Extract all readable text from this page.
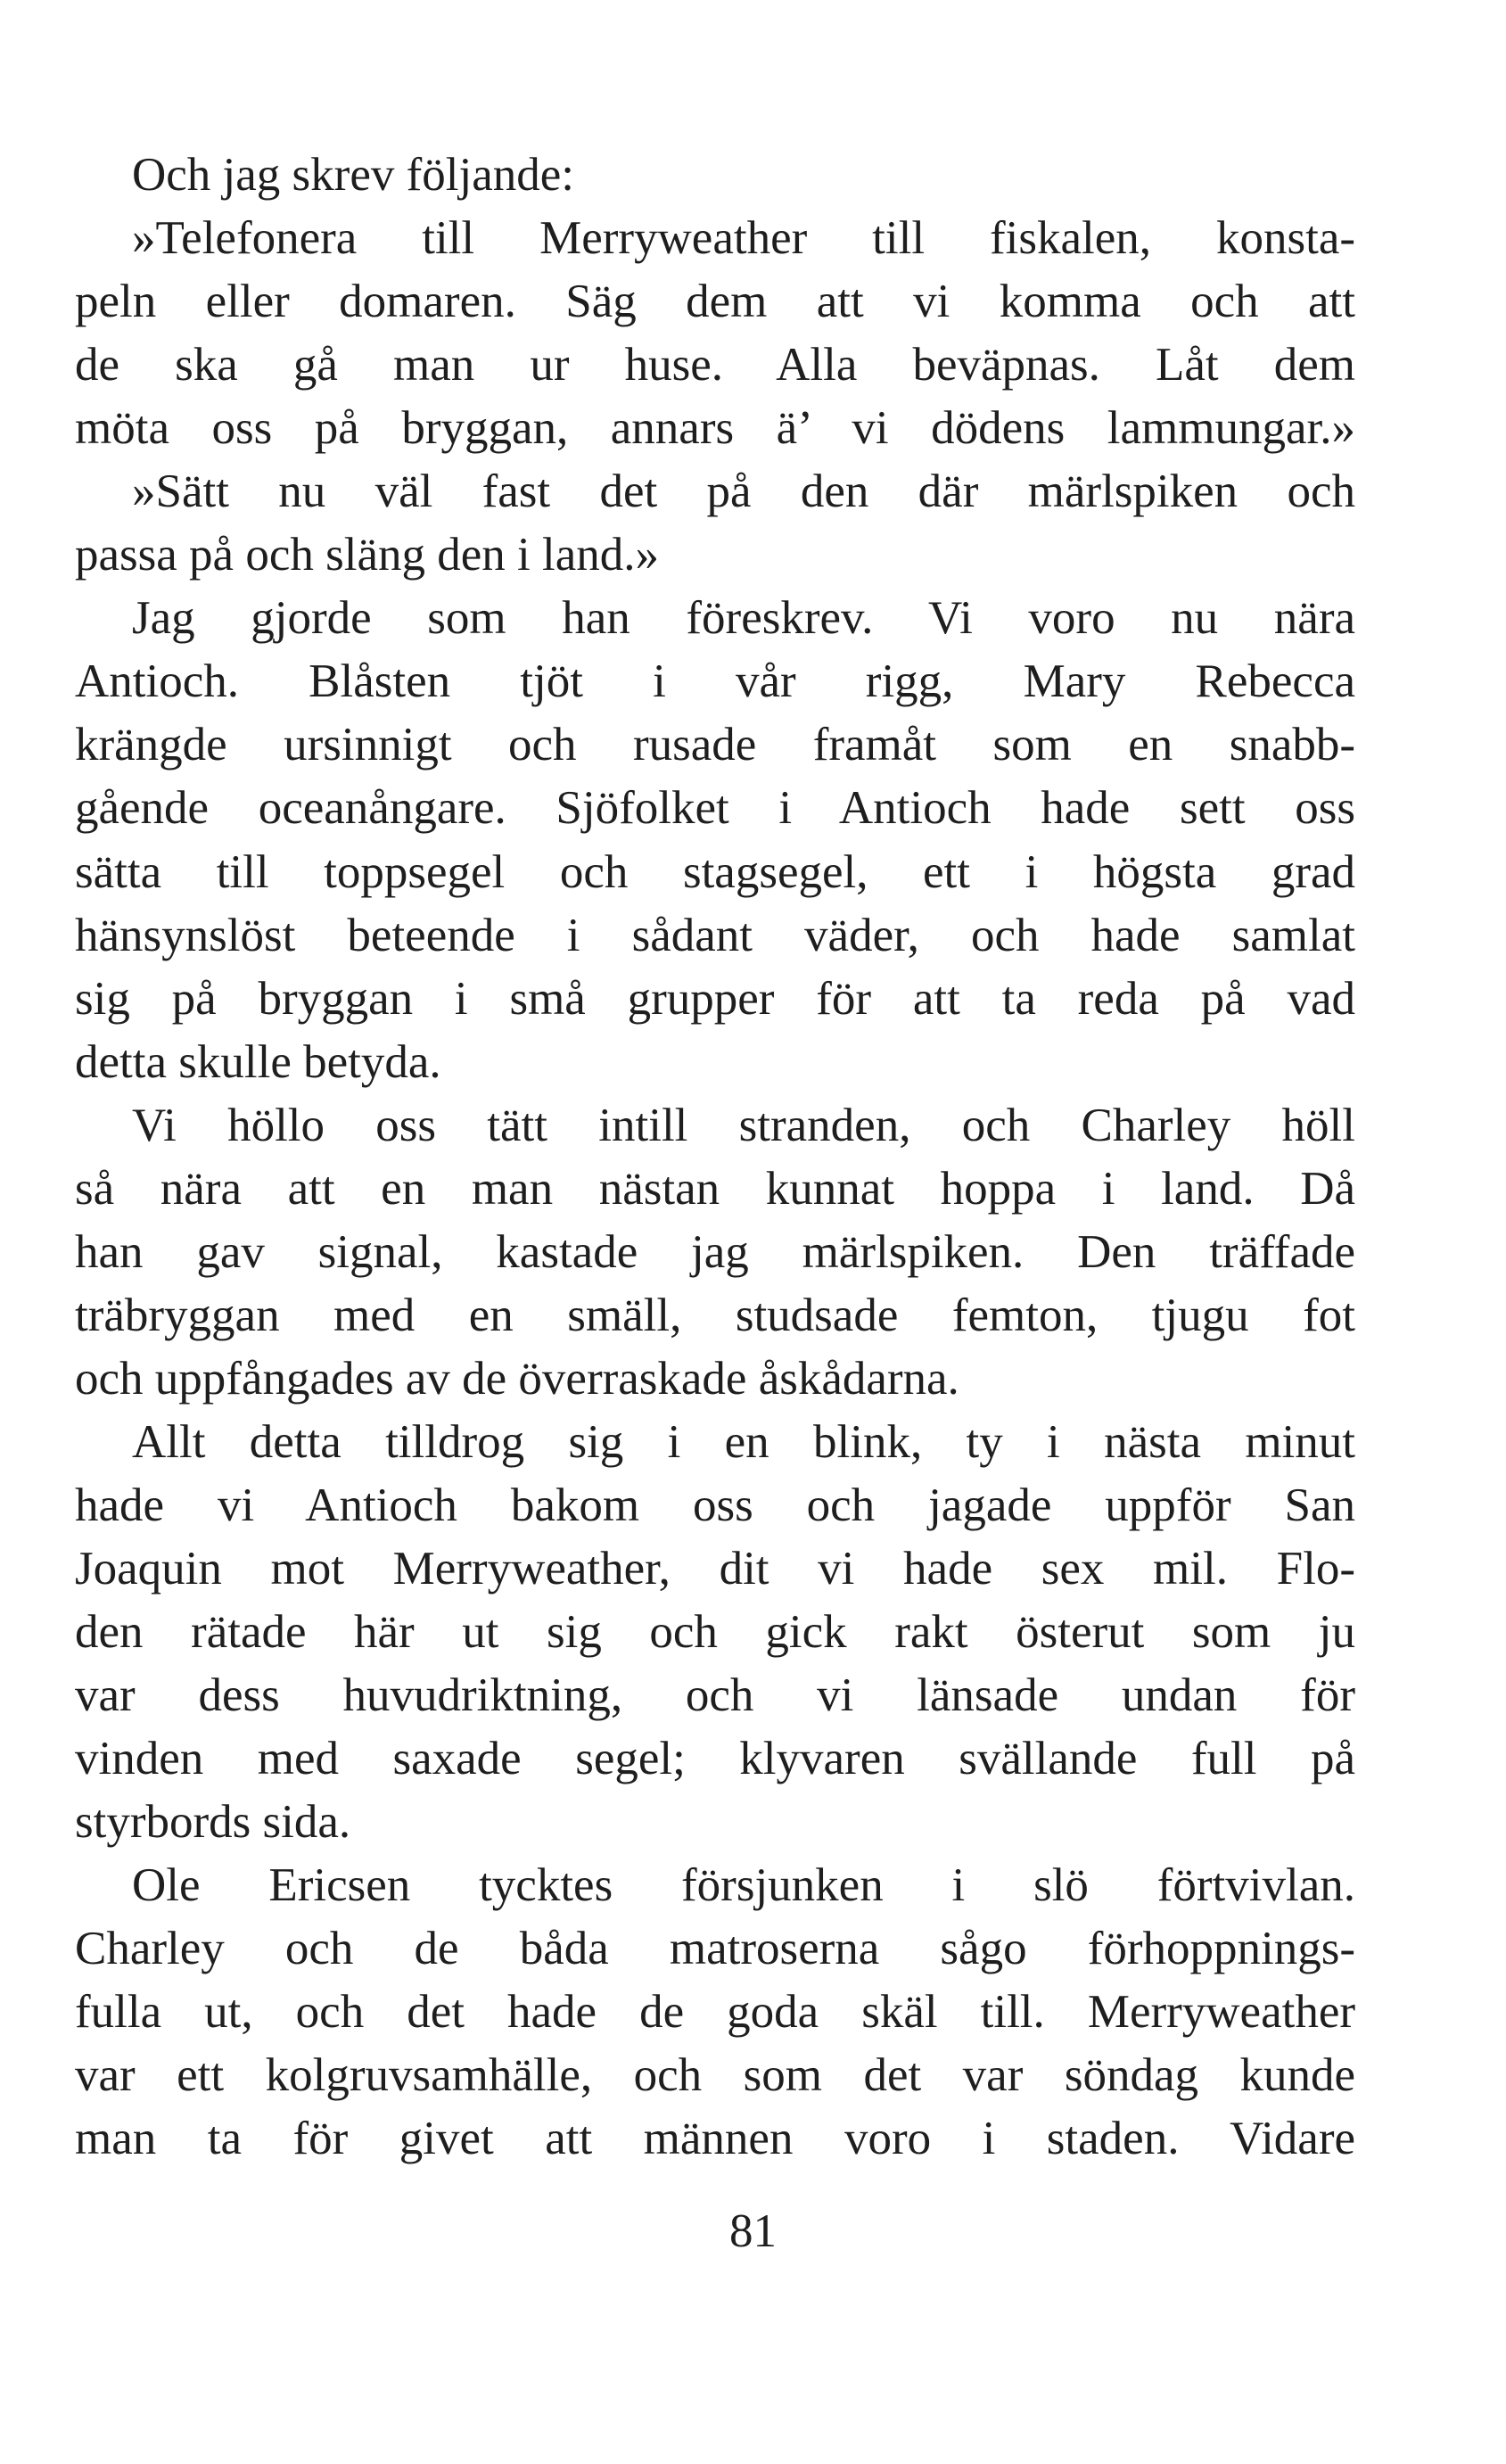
Och jag skrev följande:
»Telefonera till Merryweather till fiskalen, konsta-
peln eller domaren. Säg dem att vi komma och att
de ska gå man ur huse. Alla beväpnas. Låt dem
möta oss på bryggan, annars ä’ vi dödens lammungar.»
»Sätt nu väl fast det på den där märlspiken och
passa på och släng den i land.»
Jag gjorde som han föreskrev. Vi voro nu nära
Antioch. Blåsten tjöt i vår rigg, Mary Rebecca
krängde ursinnigt och rusade framåt som en snabb-
gående oceanångare. Sjöfolket i Antioch hade sett oss
sätta till toppsegel och stagsegel, ett i högsta grad
hänsynslöst beteende i sådant väder, och hade samlat
sig på bryggan i små grupper för att ta reda på vad
detta skulle betyda.
Vi höllo oss tätt intill stranden, och Charley höll
så nära att en man nästan kunnat hoppa i land. Då
han gav signal, kastade jag märlspiken. Den träffade
träbryggan med en smäll, studsade femton, tjugu fot
och uppfångades av de överraskade åskådarna.
Allt detta tilldrog sig i en blink, ty i nästa minut
hade vi Antioch bakom oss och jagade uppför San
Joaquin mot Merryweather, dit vi hade sex mil. Flo-
den rätade här ut sig och gick rakt österut som ju
var dess huvudriktning, och vi länsade undan för
vinden med saxade segel; klyvaren svällande full på
styrbords sida.
Ole Ericsen tycktes försjunken i slö förtvivlan.
Charley och de båda matroserna sågo förhoppnings-
fulla ut, och det hade de goda skäl till. Merryweather
var ett kolgruvsamhälle, och som det var söndag kunde
man ta för givet att männen voro i staden. Vidare
81
